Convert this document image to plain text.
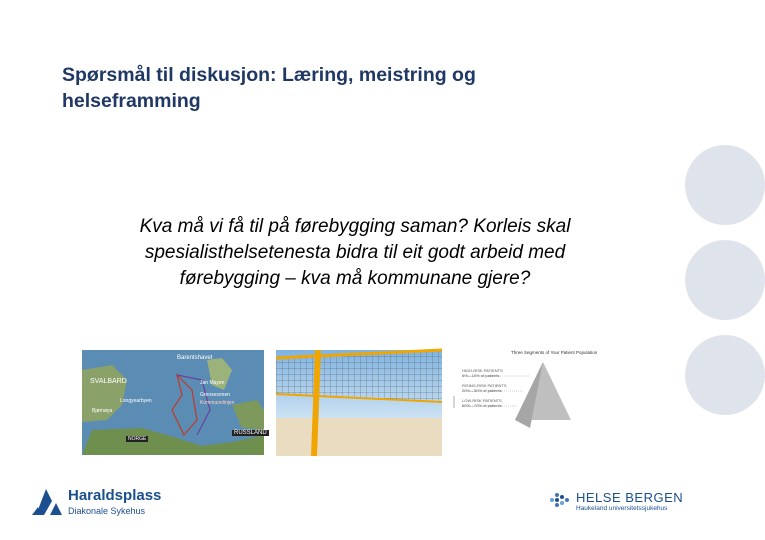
Spørsmål til diskusjon: Læring, meistring og helseframming

Kva må vi få til på førebygging saman? Korleis skal spesialisthelsetenesta bidra til eit godt arbeid med førebygging – kva må kommunane gjere?

Barentshavet
SVALBARD
Longyearbyen
Jan Mayen
Grensesonen
Kommunelinjen
Bjørnøya
NORGE
RUSSLAND
Three Segments of Your Patient Population
HIGH-RISK PATIENTS
5%—10% of patients
RISING-RISK PATIENTS
20%—30% of patients
LOW-RISK PATIENTS
60%—70% of patients
Haraldsplass
Diakonale Sykehus
HELSE BERGEN
Haukeland universitetssjukehus
